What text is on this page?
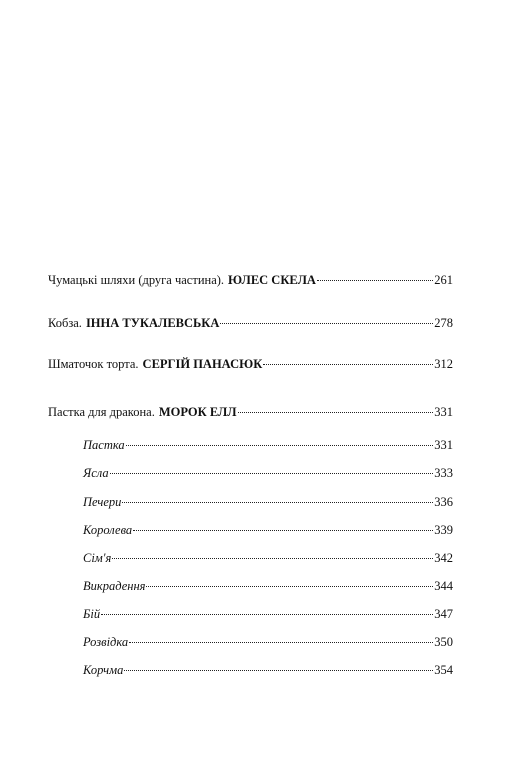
Чумацькі шляхи (друга частина). ЮЛЕС СКЕЛА	261
Кобза. ІННА ТУКАЛЕВСЬКА	278
Шматочок торта. СЕРГІЙ ПАНАСЮК	312
Пастка для дракона. МОРОК ЕЛЛ	331
Пастка	331
Ясла	333
Печери	336
Королева	339
Сім'я	342
Викрадення	344
Бій	347
Розвідка	350
Корчма	354
